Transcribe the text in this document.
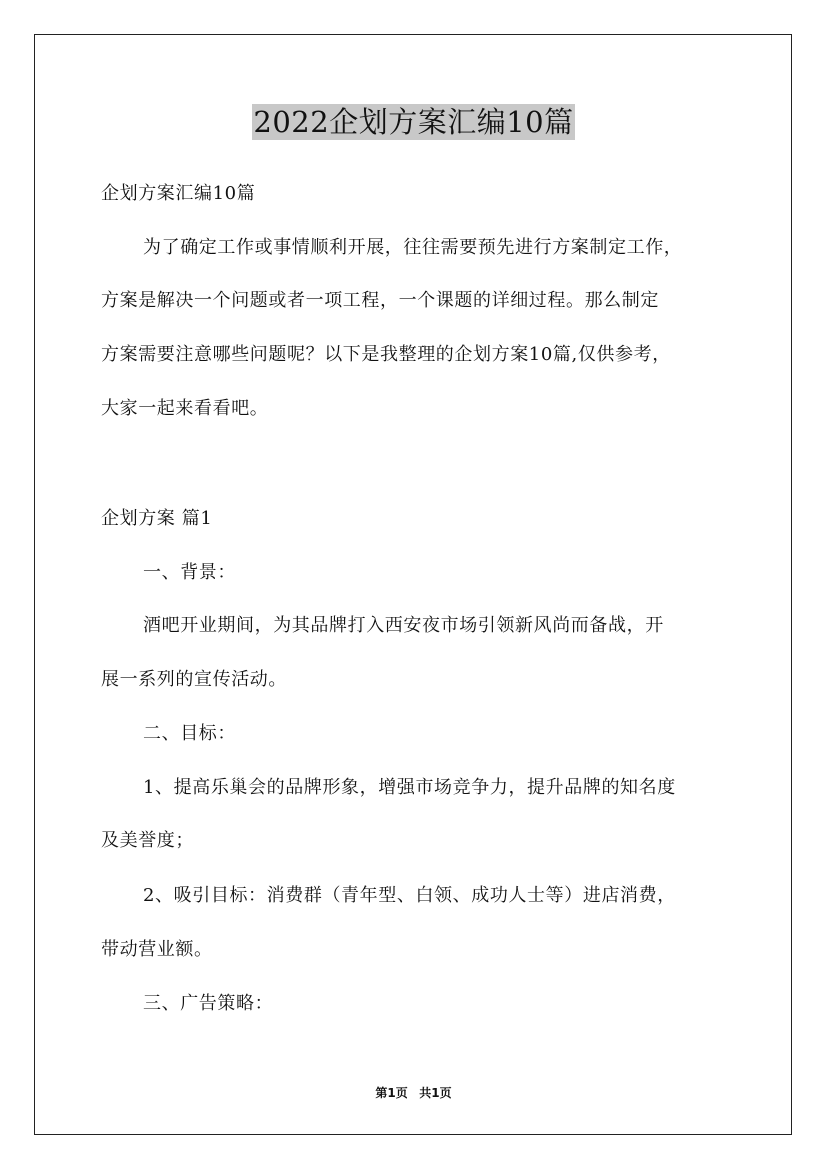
2022企划方案汇编10篇
企划方案汇编10篇
为了确定工作或事情顺利开展，往往需要预先进行方案制定工作，
方案是解决一个问题或者一项工程，一个课题的详细过程。那么制定
方案需要注意哪些问题呢？以下是我整理的企划方案10篇,仅供参考，
大家一起来看看吧。
企划方案 篇1
一、背景：
酒吧开业期间，为其品牌打入西安夜市场引领新风尚而备战，开
展一系列的宣传活动。
二、目标：
1、提高乐巢会的品牌形象，增强市场竞争力，提升品牌的知名度
及美誉度；
2、吸引目标：消费群（青年型、白领、成功人士等）进店消费，
带动营业额。
三、广告策略：
第1页 共1页
